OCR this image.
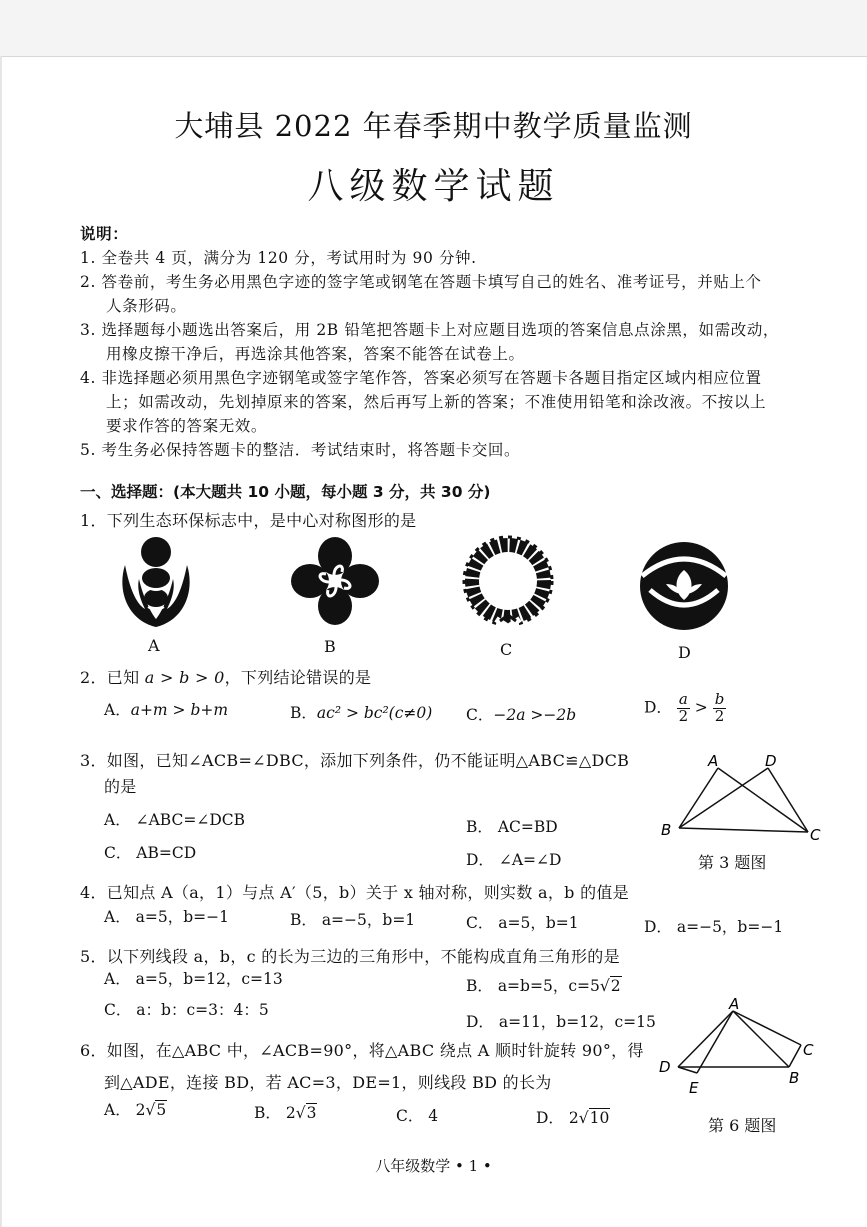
大埔县 2022 年春季期中教学质量监测
八级数学试题
说明：
1. 全卷共 4 页，满分为 120 分，考试用时为 90 分钟.
2. 答卷前，考生务必用黑色字迹的签字笔或钢笔在答题卡填写自己的姓名、准考证号，并贴上个
人条形码。
3. 选择题每小题选出答案后，用 2B 铅笔把答题卡上对应题目选项的答案信息点涂黑，如需改动，
用橡皮擦干净后，再选涂其他答案，答案不能答在试卷上。
4. 非选择题必须用黑色字迹钢笔或签字笔作答，答案必须写在答题卡各题目指定区域内相应位置
上；如需改动，先划掉原来的答案，然后再写上新的答案；不准使用铅笔和涂改液。不按以上
要求作答的答案无效。
5. 考生务必保持答题卡的整洁．考试结束时，将答题卡交回。
一、选择题：(本大题共 10 小题，每小题 3 分，共 30 分)
1．下列生态环保标志中，是中心对称图形的是
A	B	C	D
2．已知 a > b > 0，下列结论错误的是
A．a+m > b+m	B．ac² > bc²(c≠0) C．−2a >−2b	D． $\frac{a}{2} > \frac{b}{2}$
3．如图，已知∠ACB=∠DBC，添加下列条件，仍不能证明△ABC≌△DCB
的是
A． ∠ABC=∠DCB	B． AC=BD
C． AB=CD	D． ∠A=∠D
A	D
B	C
第 3 题图
4．已知点 A（a，1）与点 A′（5，b）关于 x 轴对称，则实数 a，b 的值是
A． a=5，b=−1	B． a=−5，b=1	C． a=5，b=1	D． a=−5，b=−1
5．以下列线段 a，b，c 的长为三边的三角形中，不能构成直角三角形的是
A． a=5，b=12，c=13	B． a=b=5，c=5√2
C． a：b：c=3：4：5
D． a=11，b=12，c=15
6．如图，在△ABC 中，∠ACB=90°，将△ABC 绕点 A 顺时针旋转 90°，得
到△ADE，连接 BD，若 AC=3，DE=1，则线段 BD 的长为
A． 2√5	B． 2√3	C． 4	D． 2√10
A
C
D
E
B
第 6 题图
八年级数学 • 1 •
